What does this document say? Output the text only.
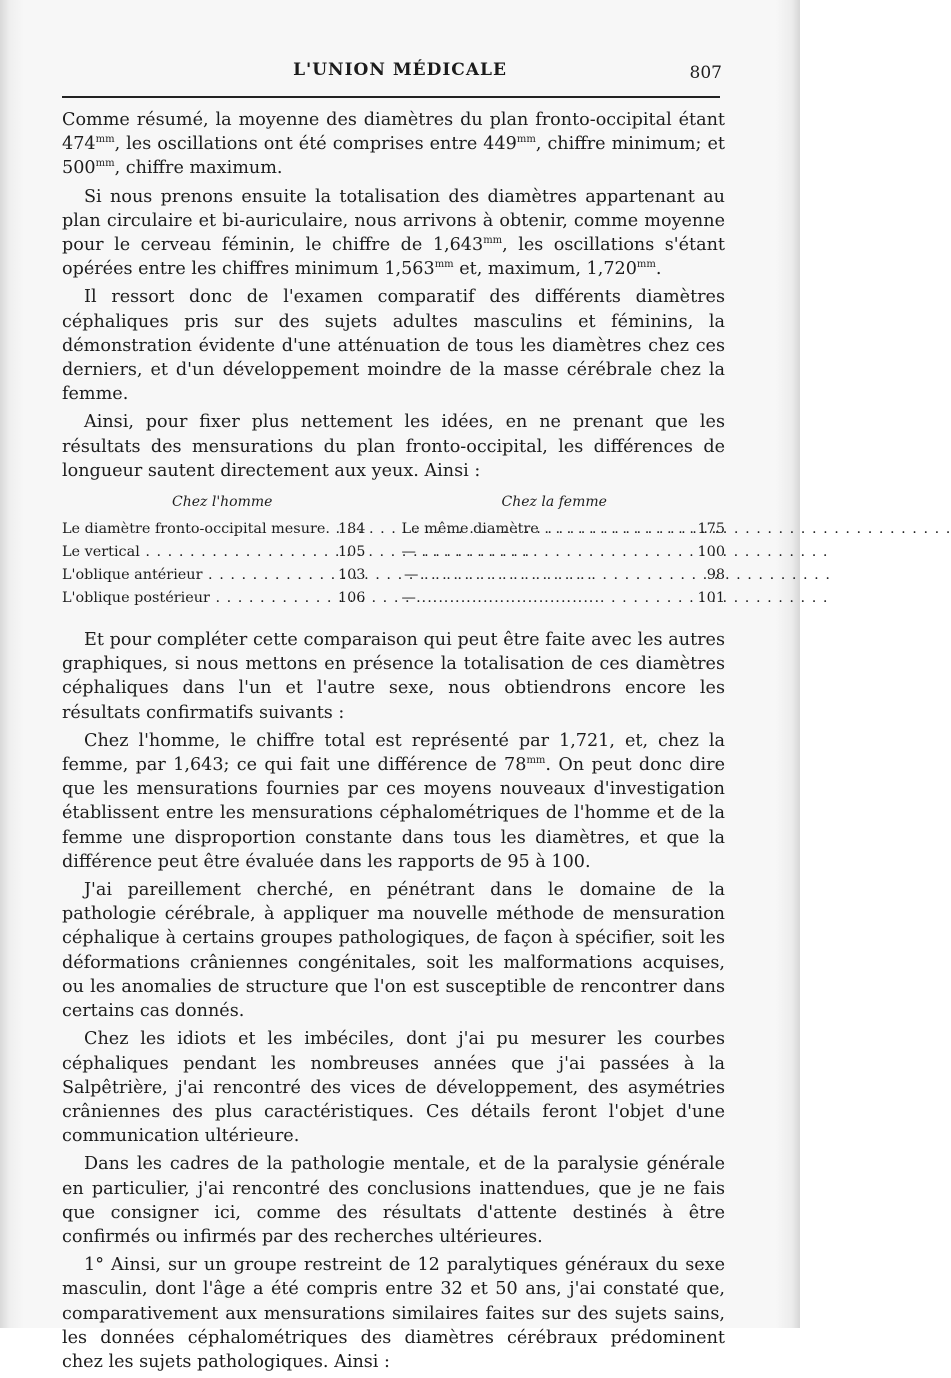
L'UNION MÉDICALE	807

Comme résumé, la moyenne des diamètres du plan fronto-occipital étant $474^{mm}$, les oscillations ont été comprises entre $449^{mm}$, chiffre minimum; et $500^{mm}$, chiffre maximum.

Si nous prenons ensuite la totalisation des diamètres appartenant au plan circulaire et bi-auriculaire, nous arrivons à obtenir, comme moyenne pour le cerveau féminin, le chiffre de $1,643^{mm}$, les oscillations s'étant opérées entre les chiffres minimum $1,563^{mm}$ et, maximum, $1,720^{mm}$.

Il ressort donc de l'examen comparatif des différents diamètres céphaliques pris sur des sujets adultes masculins et féminins, la démonstration évidente d'une atténuation de tous les diamètres chez ces derniers, et d'un développement moindre de la masse cérébrale chez la femme.

Ainsi, pour fixer plus nettement les idées, en ne prenant que les résultats des mensurations du plan fronto-occipital, les différences de longueur sautent directement aux yeux. Ainsi :

Chez l'homme	Chez la femme
Le diamètre fronto-occipital mesure. . . . 184	Le même diamètre . . .	175
Le vertical . . .	105	— . . .	100
L'oblique antérieur . . .	103	— . . .	98
L'oblique postérieur . . .	106	— . . .	101

Et pour compléter cette comparaison qui peut être faite avec les autres graphiques, si nous mettons en présence la totalisation de ces diamètres céphaliques dans l'un et l'autre sexe, nous obtiendrons encore les résultats confirmatifs suivants :

Chez l'homme, le chiffre total est représenté par 1,721, et, chez la femme, par 1,643; ce qui fait une différence de $78^{mm}$. On peut donc dire que les mensurations fournies par ces moyens nouveaux d'investigation établissent entre les mensurations céphalométriques de l'homme et de la femme une disproportion constante dans tous les diamètres, et que la différence peut être évaluée dans les rapports de 95 à 100.

J'ai pareillement cherché, en pénétrant dans le domaine de la pathologie cérébrale, à appliquer ma nouvelle méthode de mensuration céphalique à certains groupes pathologiques, de façon à spécifier, soit les déformations crâniennes congénitales, soit les malformations acquises, ou les anomalies de structure que l'on est susceptible de rencontrer dans certains cas donnés.

Chez les idiots et les imbéciles, dont j'ai pu mesurer les courbes céphaliques pendant les nombreuses années que j'ai passées à la Salpêtrière, j'ai rencontré des vices de développement, des asymétries crâniennes des plus caractéristiques. Ces détails feront l'objet d'une communication ultérieure.

Dans les cadres de la pathologie mentale, et de la paralysie générale en particulier, j'ai rencontré des conclusions inattendues, que je ne fais que consigner ici, comme des résultats d'attente destinés à être confirmés ou infirmés par des recherches ultérieures.

1° Ainsi, sur un groupe restreint de 12 paralytiques généraux du sexe masculin, dont l'âge a été compris entre 32 et 50 ans, j'ai constaté que, comparativement aux mensurations similaires faites sur des sujets sains, les données céphalométriques des diamètres cérébraux prédominent chez les sujets pathologiques. Ainsi :
